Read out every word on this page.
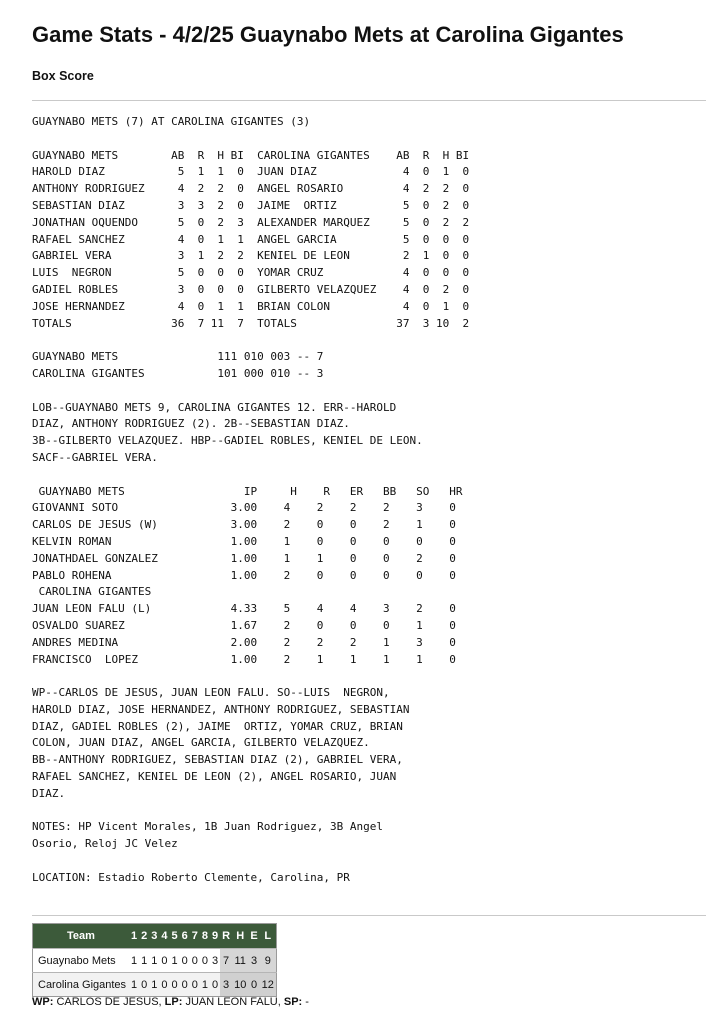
Game Stats - 4/2/25 Guaynabo Mets at Carolina Gigantes
Box Score
GUAYNABO METS (7) AT CAROLINA GIGANTES (3)
GUAYNABO METS        AB  R  H BI  CAROLINA GIGANTES    AB  R  H BI
HAROLD DIAZ           5  1  1  0  JUAN DIAZ             4  0  1  0
ANTHONY RODRIGUEZ     4  2  2  0  ANGEL ROSARIO         4  2  2  0
SEBASTIAN DIAZ        3  3  2  0  JAIME  ORTIZ          5  0  2  0
JONATHAN OQUENDO      5  0  2  3  ALEXANDER MARQUEZ     5  0  2  2
RAFAEL SANCHEZ        4  0  1  1  ANGEL GARCIA          5  0  0  0
GABRIEL VERA          3  1  2  2  KENIEL DE LEON        2  1  0  0
LUIS  NEGRON          5  0  0  0  YOMAR CRUZ            4  0  0  0
GADIEL ROBLES         3  0  0  0  GILBERTO VELAZQUEZ    4  0  2  0
JOSE HERNANDEZ        4  0  1  1  BRIAN COLON           4  0  1  0
TOTALS               36  7 11  7  TOTALS               37  3 10  2
GUAYNABO METS               111 010 003 -- 7
CAROLINA GIGANTES           101 000 010 -- 3
LOB--GUAYNABO METS 9, CAROLINA GIGANTES 12. ERR--HAROLD
DIAZ, ANTHONY RODRIGUEZ (2). 2B--SEBASTIAN DIAZ.
3B--GILBERTO VELAZQUEZ. HBP--GADIEL ROBLES, KENIEL DE LEON.
SACF--GABRIEL VERA.
GUAYNABO METS                  IP     H    R   ER   BB   SO   HR
GIOVANNI SOTO                 3.00    4    2    2    2    3    0
CARLOS DE JESUS (W)           3.00    2    0    0    2    1    0
KELVIN ROMAN                  1.00    1    0    0    0    0    0
JONATHDAEL GONZALEZ           1.00    1    1    0    0    2    0
PABLO ROHENA                  1.00    2    0    0    0    0    0
CAROLINA GIGANTES
JUAN LEON FALU (L)            4.33    5    4    4    3    2    0
OSVALDO SUAREZ                1.67    2    0    0    0    1    0
ANDRES MEDINA                 2.00    2    2    2    1    3    0
FRANCISCO  LOPEZ              1.00    2    1    1    1    1    0
WP--CARLOS DE JESUS, JUAN LEON FALU. SO--LUIS  NEGRON,
HAROLD DIAZ, JOSE HERNANDEZ, ANTHONY RODRIGUEZ, SEBASTIAN
DIAZ, GADIEL ROBLES (2), JAIME  ORTIZ, YOMAR CRUZ, BRIAN
COLON, JUAN DIAZ, ANGEL GARCIA, GILBERTO VELAZQUEZ.
BB--ANTHONY RODRIGUEZ, SEBASTIAN DIAZ (2), GABRIEL VERA,
RAFAEL SANCHEZ, KENIEL DE LEON (2), ANGEL ROSARIO, JUAN
DIAZ.
NOTES: HP Vicent Morales, 1B Juan Rodriguez, 3B Angel
Osorio, Reloj JC Velez
LOCATION: Estadio Roberto Clemente, Carolina, PR
Team	1	2	3	4	5	6	7	8	9	R	H	E	L
Guaynabo Mets	1	1	1	0	1	0	0	0	3	7	11	3	9
Carolina Gigantes	1	0	1	0	0	0	0	1	0	3	10	0	12
WP: CARLOS DE JESUS, LP: JUAN LEON FALU, SP: -
